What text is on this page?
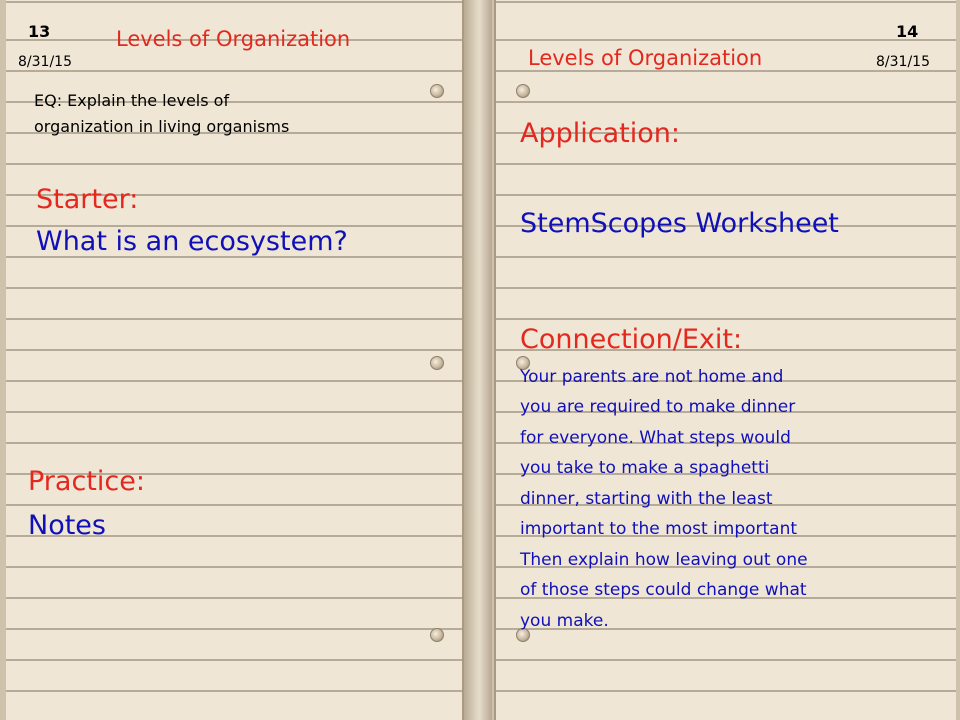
13

8/31/15

Levels of Organization

EQ: Explain the levels of

organization in living organisms

Starter:

What is an ecosystem?

Practice:

Notes

14

8/31/15

Levels of Organization

Application:

StemScopes Worksheet

Connection/Exit:

Your parents are not home and

you are required to make dinner

for everyone. What steps would

you take to make a spaghetti

dinner, starting with the least

important to the most important

Then explain how leaving out one

of those steps could change what

you make.
